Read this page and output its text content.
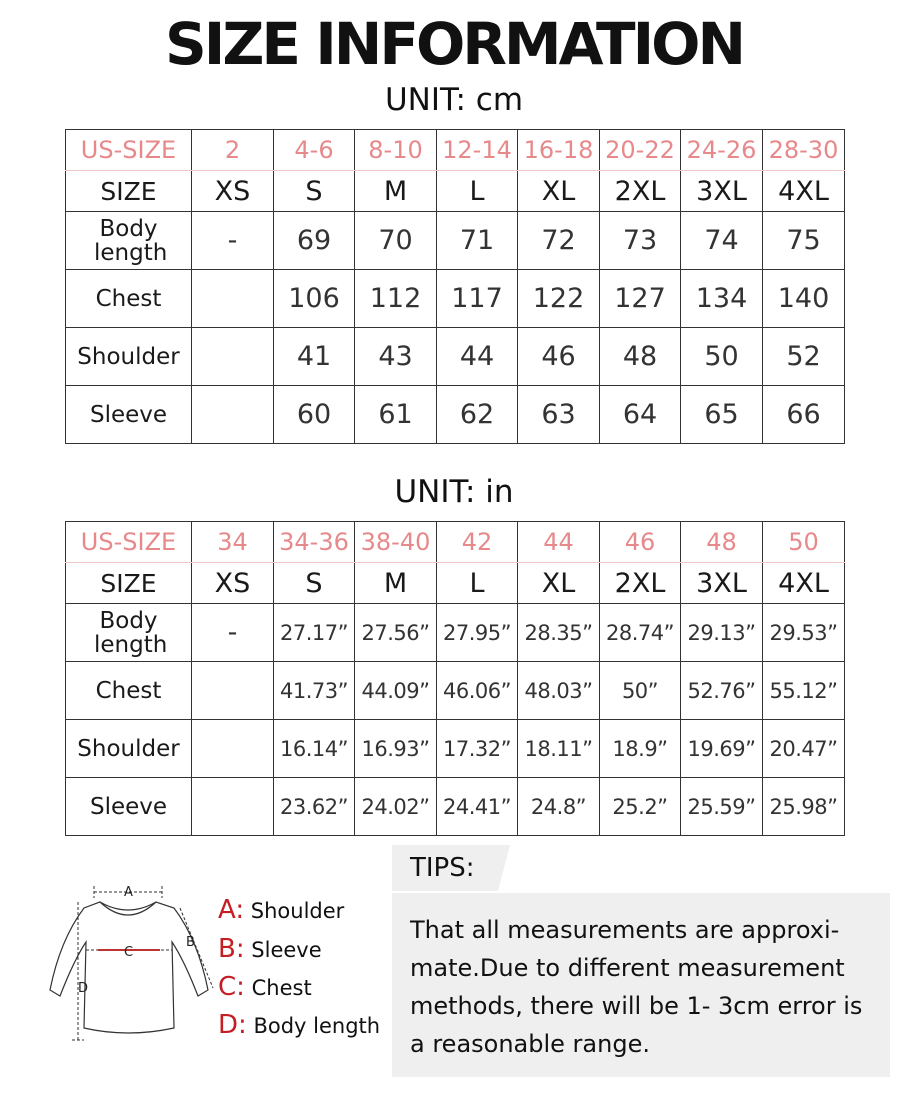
SIZE INFORMATION
UNIT: cm
US-SIZE	2	4-6	8-10	12-14	16-18	20-22	24-26	28-30
SIZE	XS	S	M	L	XL	2XL	3XL	4XL
Body length	-	69	70	71	72	73	74	75
Chest		106	112	117	122	127	134	140
Shoulder		41	43	44	46	48	50	52
Sleeve		60	61	62	63	64	65	66
UNIT: in
US-SIZE	34	34-36	38-40	42	44	46	48	50
SIZE	XS	S	M	L	XL	2XL	3XL	4XL
Body length	-	27.17”	27.56”	27.95”	28.35”	28.74”	29.13”	29.53”
Chest		41.73”	44.09”	46.06”	48.03”	50”	52.76”	55.12”
Shoulder		16.14”	16.93”	17.32”	18.11”	18.9”	19.69”	20.47”
Sleeve		23.62”	24.02”	24.41”	24.8”	25.2”	25.59”	25.98”
A
C
B
D
A: Shoulder
B: Sleeve
C: Chest
D: Body length
TIPS:
That all measurements are approxi-
mate.Due to different measurement
methods, there will be 1- 3cm error is
a reasonable range.
